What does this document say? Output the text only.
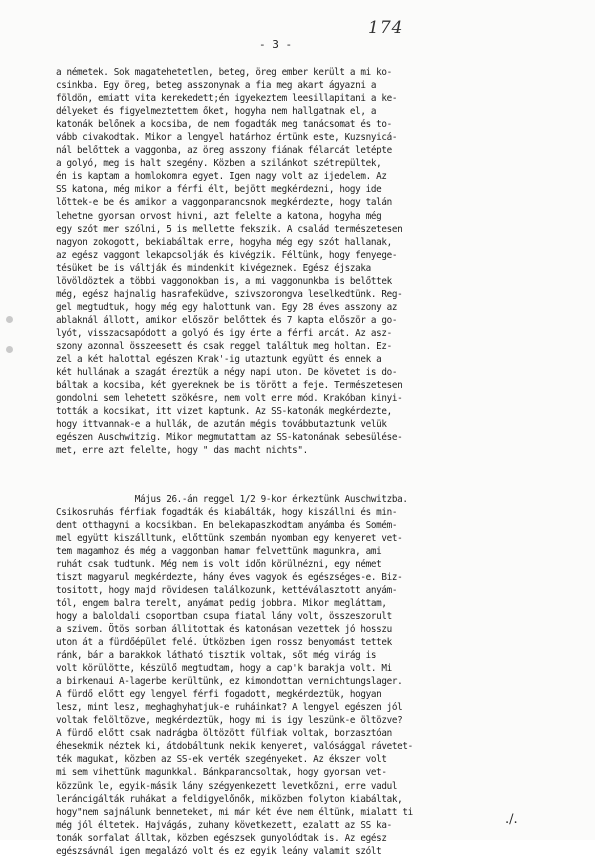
174
- 3 -
a németek. Sok magatehetetlen, beteg, öreg ember került a mi ko-
csinkba. Egy öreg, beteg asszonynak a fia meg akart ágyazni a
földön, emiatt vita kerekedett;én igyekeztem leesillapitani a ke-
délyeket és figyelmeztettem őket, hogyha nem hallgatnak el, a
katonák belőnek a kocsiba, de nem fogadták meg tanácsomat és to-
vább civakodtak. Mikor a lengyel határhoz értünk este, Kuzsnyicá-
nál belőttek a vaggonba, az öreg asszony fiának félarcát letépte
a golyó, meg is halt szegény. Közben a szilánkot szétrepültek,
én is kaptam a homlokomra egyet. Igen nagy volt az ijedelem. Az
SS katona, még mikor a férfi élt, bejött megkérdezni, hogy ide
lőttek-e be és amikor a vaggonparancsnok megkérdezte, hogy talán
lehetne gyorsan orvost hivni, azt felelte a katona, hogyha még
egy szót mer szólni, 5 is mellette fekszik. A család természetesen
nagyon zokogott, bekiabáltak erre, hogyha még egy szót hallanak,
az egész vaggont lekapcsolják és kivégzik. Féltünk, hogy fenyege-
tésüket be is váltják és mindenkit kivégeznek. Egész éjszaka
lövöldöztek a többi vaggonokban is, a mi vaggonunkba is belőttek
még, egész hajnalig hasrafeküdve, szivszorongva leselkedtünk. Reg-
gel megtudtuk, hogy még egy halottunk van. Egy 28 éves asszony az
ablaknál állott, amikor először belőttek és 7 kapta először a go-
lyót, visszacsapódott a golyó és igy érte a férfi arcát. Az asz-
szony azonnal összeesett és csak reggel találtuk meg holtan. Ez-
zel a két halottal egészen Krak'-ig utaztunk együtt és ennek a
két hullának a szagát éreztük a négy napi uton. De követet is do-
báltak a kocsiba, két gyereknek be is törött a feje. Természetesen
gondolni sem lehetett szökésre, nem volt erre mód. Krakóban kinyi-
tották a kocsikat, itt vizet kaptunk. Az SS-katonák megkérdezte,
hogy ittvannak-e a hullák, de azután mégis továbbutaztunk velük
egészen Auschwitzig. Mikor megmutattam az SS-katonának sebesülése-
met, erre azt felelte, hogy " das macht nichts".
Május 26.-án reggel 1/2 9-kor érkeztünk Auschwitzba.
Csikosruhás férfiak fogadták és kiabálták, hogy kiszállni és min-
dent otthagyni a kocsikban. En belekapaszkodtam anyámba és Somém-
mel együtt kiszálltunk, előttünk szembán nyomban egy kenyeret vet-
tem magamhoz és még a vaggonban hamar felvettünk magunkra, ami
ruhát csak tudtunk. Még nem is volt időn körülnézni, egy német
tiszt magyarul megkérdezte, hány éves vagyok és egészséges-e. Biz-
tositott, hogy majd rövidesen találkozunk, kettéválasztott anyám-
tól, engem balra terelt, anyámat pedig jobbra. Mikor megláttam,
hogy a baloldali csoportban csupa fiatal lány volt, összeszorult
a szivem. Ötös sorban állitottak és katonásan vezettek jó hosszu
uton át a fürdőépület felé. Útközben igen rossz benyomást tettek
ránk, bár a barakkok látható tisztik voltak, sőt még virág is
volt körülötte, készülő megtudtam, hogy a cap'k barakja volt. Mi
a birkenaui A-lagerbe kerültünk, ez kimondottan vernichtungslager.
A fürdő előtt egy lengyel férfi fogadott, megkérdeztük, hogyan
lesz, mint lesz, meghaghyhatjuk-e ruháinkat? A lengyel egészen jól
voltak felöltözve, megkérdeztük, hogy mi is igy leszünk-e öltözve?
A fürdő előtt csak nadrágba öltözött fülfiak voltak, borzasztóan
éhesekmik néztek ki, átdobáltunk nekik kenyeret, valósággal rávetet-
ték magukat, közben az SS-ek verték szegényeket. Az ékszer volt
mi sem vihettünk magunkkal. Bánkparancsoltak, hogy gyorsan vet-
közzünk le, egyik-másik lány szégyenkezett levetkőzni, erre vadul
leráncigálták ruhákat a feldigyelőnők, miközben folyton kiabáltak,
hogy"nem sajnálunk benneteket, mi már két éve nem éltünk, mialatt ti
még jól éltetek. Hajvágás, zuhany következett, ezalatt az SS ka-
tonák sorfalat álltak, közben egészsek gunyolódtak is. Az egész
egészsávnál igen megalázó volt és ez egyik leány valamit szólt
./.
